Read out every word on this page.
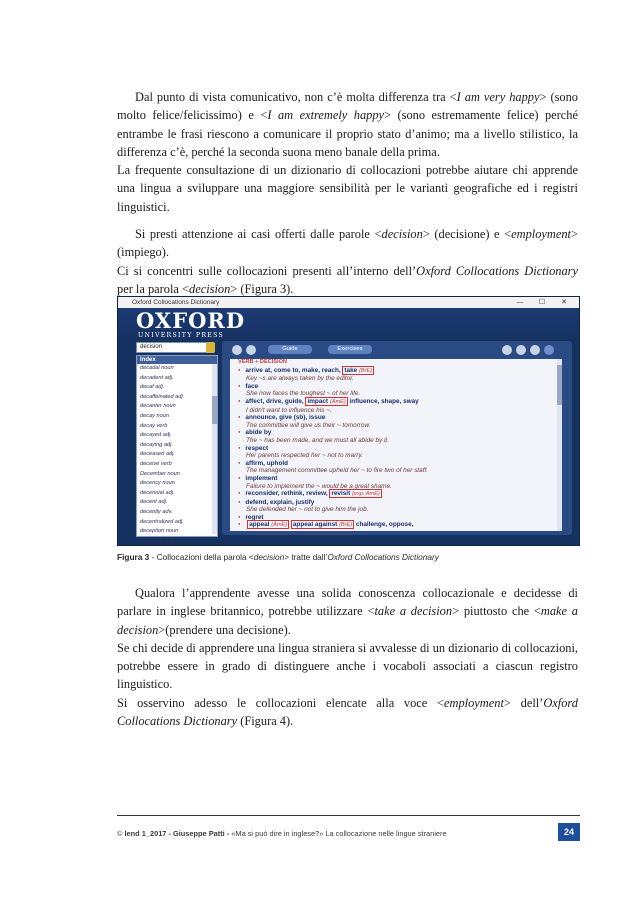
Dal punto di vista comunicativo, non c’è molta differenza tra <I am very happy> (sono molto felice/felicissimo) e <I am extremely happy> (sono estremamente felice) perché entrambe le frasi riescono a comunicare il proprio stato d’animo; ma a livello stilistico, la differenza c’è, perché la seconda suona meno banale della prima.

La frequente consultazione di un dizionario di collocazioni potrebbe aiutare chi apprende una lingua a sviluppare una maggiore sensibilità per le varianti geografiche ed i registri linguistici.

Si presti attenzione ai casi offerti dalle parole <decision> (decisione) e <employment> (impiego).

Ci si concentri sulle collocazioni presenti all’interno dell’Oxford Collocations Dictionary per la parola <decision> (Figura 3).

Oxford Collocations Dictionary	—	☐	✕
OXFORD
UNIVERSITY PRESS
decision
Index
decadal noun
decadent adj.
decaf adj.
decaffeinated adj.
decanter noun
decay noun
decay verb
decayed adj.
decaying adj.
deceased adj.
deceive verb
December noun
decency noun
decennial adj.
decent adj.
decently adv.
decentralized adj.
deception noun
deceptive adj.
Guide	Exercises
VERB + DECISION
● arrive at, come to, make, reach, take (BrE)
Key ~s are always taken by the editor.
● face
She now faces the toughest ~ of her life.
● affect, drive, guide, impact (AmE) influence, shape, sway
I didn't want to influence his ~.
● announce, give (sb), issue
The committee will give us their ~ tomorrow.
● abide by
The ~ has been made, and we must all abide by it.
● respect
Her parents respected her ~ not to marry.
● affirm, uphold
The management committee upheld her ~ to fire two of her staff.
● implement
Failure to implement the ~ would be a great shame.
● reconsider, rethink, review, revisit (esp. AmE)
● defend, explain, justify
She defended her ~ not to give him the job.
● regret
● appeal (AmE) appeal against (BrE) challenge, oppose,
Figura 3 - Collocazioni della parola <decision> tratte dall’Oxford Collocations Dictionary

Qualora l’apprendente avesse una solida conoscenza collocazionale e decidesse di parlare in inglese britannico, potrebbe utilizzare <take a decision> piuttosto che <make a decision>(prendere una decisione).

Se chi decide di apprendere una lingua straniera si avvalesse di un dizionario di collocazioni, potrebbe essere in grado di distinguere anche i vocaboli associati a ciascun registro linguistico.

Si osservino adesso le collocazioni elencate alla voce <employment> dell’Oxford Collocations Dictionary (Figura 4).

© lend 1_2017 - Giuseppe Patti - «Ma si può dire in inglese?» La collocazione nelle lingue straniere	24
